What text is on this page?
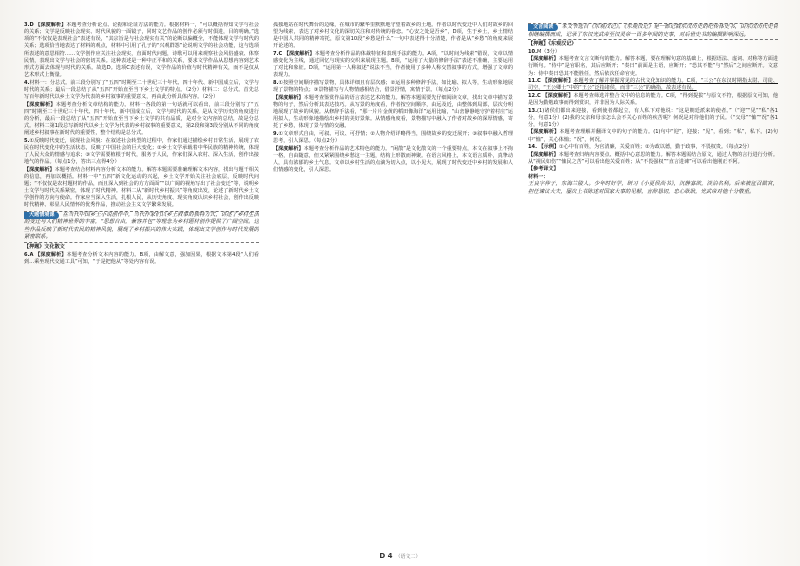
3.D 【深度解析】本题考查分析论点、论据和论证方法的能力。根据材料一，“可以概括得知文学与社会的关系；文学是反映社会现实、时代风貌的一面镜子，同时文艺作品的创作必须与时俱进，目的明确。”选项的“不仅仅是表现社会”表述有误，“其宗旨是与社会现实有关”的论断以偏概全，不能体现文学与时代的关系；选项恰当地表达了材料的观点，材料中引用了孔子的“兴观群怨”论说明文学的社会功能，这与选项所表述的意思相符……文学创作应关注社会现实，直面时代问题，诗歌可以用来观察社会风俗盛衰、体察民情，表现出文学与社会的密切关系。这种表述是一种中正平和的关系，要求文学作品从思想内容到艺术形式方面去体现与时代的关系。故选D。选项C表述有误，文学作品的价值与时代精神有关，而不是仅从艺术形式上衡量。

4.材料一：分总式。前三段分别写了“五四”时期至二十世纪三十年代、四十年代、新中国成立后，文学与时代的关系；最后一段总结了从“五四”开始直至当下乡土文学的特点。（2分）材料二：总分式。首先总写百年新时代以乡土文学为代表的乡村叙事的重要意义，再由此分析具体内容。（2分）

【深度解析】本题考查分析文章结构的能力。材料一各段的第一句话就可以看出，前三段分别写了“五四”时期至二十世纪三十年代、四十年代、新中国成立后，文学与时代的关系，是从文学历史的角度进行的分析，最后一段总结了从“五四”开始直至当下乡土文学的共有品质，是对全文内容的总结，故是分总式。材料二第1段总写新时代以乡土文学为代表的乡村叙事的重要意义，第2段和第3段分别从不同的角度阐述乡村叙事在新时代的重要性，整个结构是总分式。

5.①反映时代变迁，展现社会风貌：在叙述社会转型的过程中，作家们通过描绘乡村日常生活，展现了农民在时代变化中的生活状态，反映了中国社会的巨大变化；②乡土文学承载着中华民族的精神传统，体现了人民大众的情感与追求；③文学需要植根于时代，服务于人民，作家们深入农村、深入生活，创作出接地气的作品。（每点1分，答出三点得4分）

【深度解析】本题考查结合材料内容分析文本的能力。解答本题需要准确理解文本内容，找出与题干相关的信息，再加以概括。材料一中“五四”新文化运动的兴起，乡土文学开始关注社会底层，反映时代问题；“不仅仅是农村题材的作品，而且深入到社会的方方面面”“以广阔的视角写出了社会变迁”等，说明乡土文学与时代关系紧密，体现了时代精神。材料二从“新时代乡村振兴”等角度出发，论述了新时代乡土文学创作的方向与使命。作家应当深入生活，扎根人民，从历史角度、现实角度认识乡村社会，创作出反映时代精神、彰显人民情怀的优秀作品，推动社会主义文学繁荣发展。

大题情境课 在当代中国乡土小说创作中，当代作家们以乡土叙事的独特方式，讲述了乡村生活的变迁与人们精神世界的丰富，“思想自由，兼容并包”等理念为乡村题材创作提供了广阔空间。这些作品反映了新时代农民的精神风貌，展现了乡村振兴的伟大实践，体现出文学创作与时代发展的紧密联系。

【押题》文化散文

6.A 【深度解析】本题考查分析文本内容的能力。B项，由解文意，强加因果，根据文本第4段“人们看到…乘坐现代交通工具”可知，“于是把他从”等处内容有误。

孤独地站在时代舞台的边缘，在城市的繁华里默默地守望着故乡的土地。作者以时代变迁中人们对故乡的回望为线索，表达了对乡村文化的深切关注和对传统的眷恋。“心安之处是吾乡”，D项，生于乡土，乡土情结是中国人共同的精神寄托，原文第10段“乡愁是什么”一句中表述得十分清楚，作者是从“乡愁”的角度来展开论述的。

7.C 【深度解析】本题考查分析作品的体裁特征和表现手法的能力。A项，“以时间为线索”错误，文章以情感变化为主线，通过回忆与现实的交织来展现主题。B项，“运用了大量的修辞手法”表述不准确，主要运用了对比和象征。D项，“运用第一人称叙述”说法不当，作者使用了多种人称交替叙事的方式，增强了文章的表现力。

8.①按照空间顺序描写景物，具体详细且有层次感；②运用多种修辞手法，如比喻、拟人等，生动形象地展现了景物的特点；③景物描写与人物情感相结合，借景抒情，寓情于景。（每点2分）

【深度解析】本题考查鉴赏作品的语言表达艺术的能力。解答本题需要先仔细阅读文章，找出文章中描写景物的句子，然后分析其表达技巧。从写景的角度看，作者按空间顺序，由远及近，由整体到局部，层次分明地展现了故乡的风貌。从修辞手法看，“那一片片金黄的稻田像海洋”运用比喻，“山峦静静地守护着村庄”运用拟人，生动形象地描绘出乡村的美好景象。从情感角度看，景物描写中融入了作者对故乡的深厚情感，寄托了乡愁，体现了景与情的交融。

9.①文章形式自由，可叙、可议、可抒情；②人物介绍详略得当，围绕故乡的变迁展开；③叙事中融入哲理思考，引人深思。（每点2分）

【深度解析】本题考查分析作品的艺术特色的能力。“闲散”是文化散文的一个重要特点，本文在叙事上不拘一格，自由随意，但又紧紧围绕乡愁这一主题，结构上形散而神聚。在语言风格上，本文语言质朴，真挚动人，具有浓郁的乡土气息。文章以乡村生活的点滴为切入点，以小见大，展现了时代变迁中乡村的发展和人们情感的变化，引人深思。

文言阅读 本文节选自《东观汉记》。《东观汉记》是一部记载东汉历史的纪传体史书，由东汉历代史官相继编撰而成，记录了东汉光武帝至汉灵帝一百多年间的史事，对后世史书的编撰影响深远。

【押题】《东观汉记》

10.M（3分）

【深度解析】本题考查文言文断句的能力。解答本题，要在理解句意的基础上，根据语法、虚词、对称等方面进行断句。“侍中”是官职名，其后应断开；“奏曰”前面是主语，应断开；“恐其不能”与“然后”之间应断开。文意为：侍中奏曰恐其不能胜任，然后依次任命官吏。

11.C 【深度解析】本题考查了解并掌握常见的古代文化知识的能力。C项，“三公”在东汉时期指太尉、司徒、司空，“王公卿士”中的“王公”泛指诸侯，而非“三公”的确指，故表述有误。

12.C 【深度解析】本题考查筛选并整合文中的信息的能力。C项，“得到提拔”与原文不符，根据原文可知，他是因为勤勉政事而得到赏识，并非因为人际关系。

13.(1)诸侯们都出来迎接，看到使者都起立，有人私下对他说：“这是朝廷派来的使者。”（“迎”“见”“私”各1分，句意1分）(2)我的父亲和母亲怎么会不关心百姓的疾苦呢？何况是对待他们的子民。（“父母”“恤”“况”各1分，句意1分）

【深度解析】本题考查理解并翻译文中的句子的能力。(1)句中“迎”，迎接；“见”，看到；“私”，私下。(2)句中“恤”，关心体恤；“况”，何况。

14. 【示例】①心中有百姓，为官清廉，关爱百姓；②为政以德，勤于政事，不畏权贵。（每点2分）

【深度解析】本题考查归纳内容要点、概括中心意思的能力。解答本题需结合原文，通过人物的言行进行分析。从“视民如伤”“恤民之苦”可以看出他关爱百姓；从“不畏强权”“直言进谏”可以看出他刚正不阿。

【参考译文】

材料一：

王良字仲子，东海兰陵人。少年时好学，研习《小夏侯尚书》，沉静寡欲，淡泊名利。后来被征召做官，担任谏议大夫，屡次上书陈述对国家大事的见解，言辞恳切，忠心耿耿，光武帝对他十分敬重。

D 4 （语文二）
